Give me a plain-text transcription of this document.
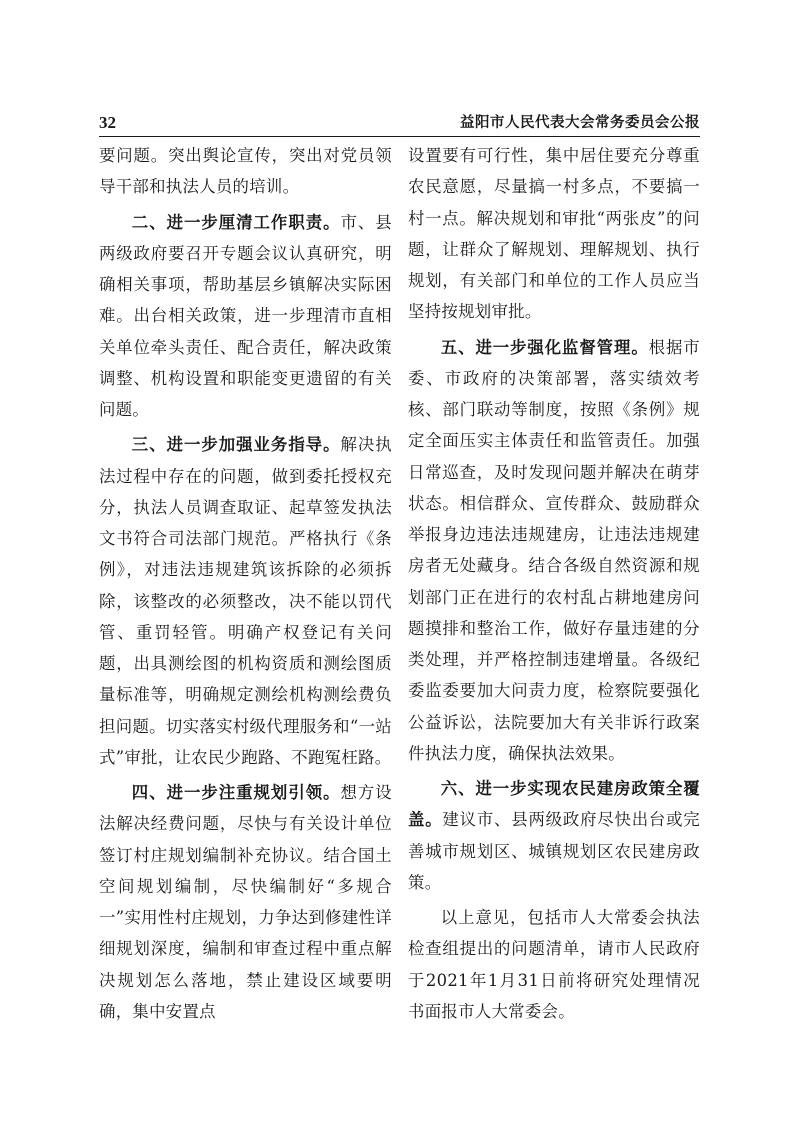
32	益阳市人民代表大会常务委员会公报

要问题。突出舆论宣传，突出对党员领导干部和执法人员的培训。

二、进一步厘清工作职责。市、县两级政府要召开专题会议认真研究，明确相关事项，帮助基层乡镇解决实际困难。出台相关政策，进一步理清市直相关单位牵头责任、配合责任，解决政策调整、机构设置和职能变更遗留的有关问题。

三、进一步加强业务指导。解决执法过程中存在的问题，做到委托授权充分，执法人员调查取证、起草签发执法文书符合司法部门规范。严格执行《条例》，对违法违规建筑该拆除的必须拆除，该整改的必须整改，决不能以罚代管、重罚轻管。明确产权登记有关问题，出具测绘图的机构资质和测绘图质量标准等，明确规定测绘机构测绘费负担问题。切实落实村级代理服务和“一站式”审批，让农民少跑路、不跑冤枉路。

四、进一步注重规划引领。想方设法解决经费问题，尽快与有关设计单位签订村庄规划编制补充协议。结合国土空间规划编制，尽快编制好“多规合一”实用性村庄规划，力争达到修建性详细规划深度，编制和审查过程中重点解决规划怎么落地，禁止建设区域要明确，集中安置点

设置要有可行性，集中居住要充分尊重农民意愿，尽量搞一村多点，不要搞一村一点。解决规划和审批“两张皮”的问题，让群众了解规划、理解规划、执行规划，有关部门和单位的工作人员应当坚持按规划审批。

五、进一步强化监督管理。根据市委、市政府的决策部署，落实绩效考核、部门联动等制度，按照《条例》规定全面压实主体责任和监管责任。加强日常巡查，及时发现问题并解决在萌芽状态。相信群众、宣传群众、鼓励群众举报身边违法违规建房，让违法违规建房者无处藏身。结合各级自然资源和规划部门正在进行的农村乱占耕地建房问题摸排和整治工作，做好存量违建的分类处理，并严格控制违建增量。各级纪委监委要加大问责力度，检察院要强化公益诉讼，法院要加大有关非诉行政案件执法力度，确保执法效果。

六、进一步实现农民建房政策全覆盖。建议市、县两级政府尽快出台或完善城市规划区、城镇规划区农民建房政策。

以上意见，包括市人大常委会执法检查组提出的问题清单，请市人民政府于2021年1月31日前将研究处理情况书面报市人大常委会。
